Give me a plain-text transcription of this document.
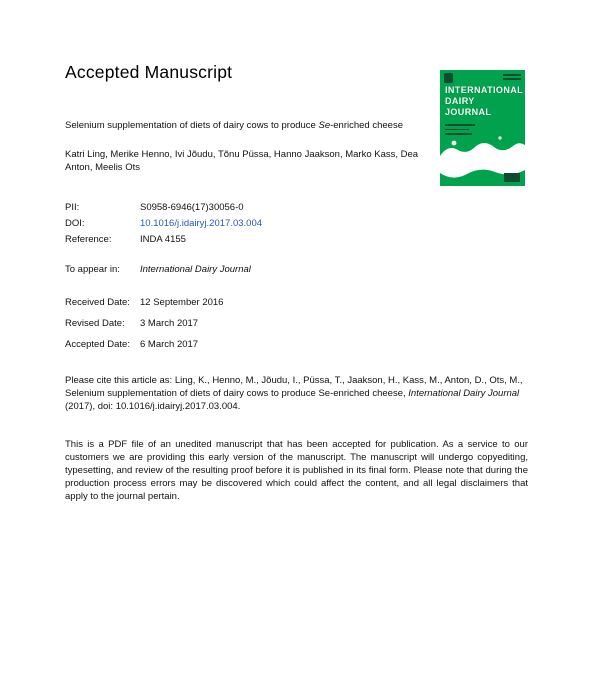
Accepted Manuscript
INTERNATIONAL
DAIRY
JOURNAL
Selenium supplementation of diets of dairy cows to produce Se-enriched cheese
Katri Ling, Merike Henno, Ivi Jõudu, Tõnu Püssa, Hanno Jaakson, Marko Kass, Dea Anton, Meelis Ots
PII:	S0958-6946(17)30056-0
DOI:	10.1016/j.idairyj.2017.03.004
Reference:	INDA 4155
To appear in: International Dairy Journal
Received Date: 12 September 2016
Revised Date: 3 March 2017
Accepted Date: 6 March 2017

Please cite this article as: Ling, K., Henno, M., Jõudu, I., Püssa, T., Jaakson, H., Kass, M., Anton, D., Ots, M., Selenium supplementation of diets of dairy cows to produce Se-enriched cheese, International Dairy Journal (2017), doi: 10.1016/j.idairyj.2017.03.004.

This is a PDF file of an unedited manuscript that has been accepted for publication. As a service to our customers we are providing this early version of the manuscript. The manuscript will undergo copyediting, typesetting, and review of the resulting proof before it is published in its final form. Please note that during the production process errors may be discovered which could affect the content, and all legal disclaimers that apply to the journal pertain.
